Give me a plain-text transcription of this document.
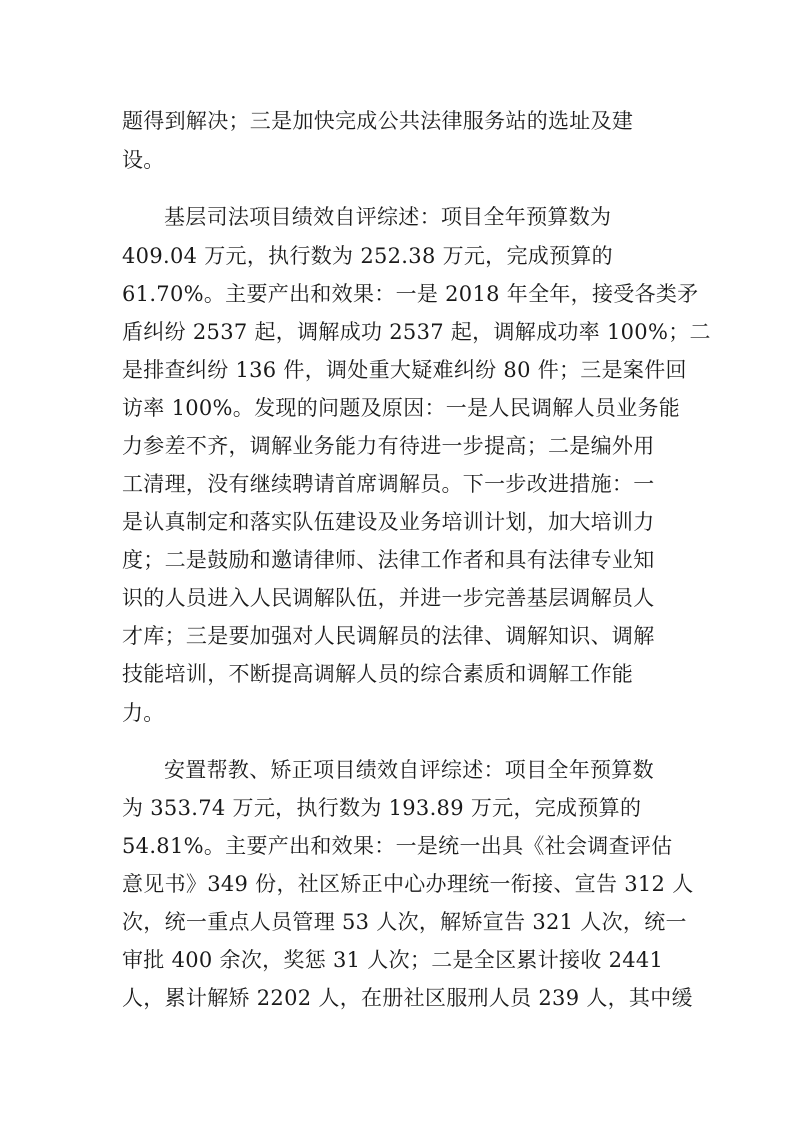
题得到解决；三是加快完成公共法律服务站的选址及建
设。
基层司法项目绩效自评综述：项目全年预算数为
409.04 万元，执行数为 252.38 万元，完成预算的
61.70%。主要产出和效果：一是 2018 年全年，接受各类矛
盾纠纷 2537 起，调解成功 2537 起，调解成功率 100%；二
是排查纠纷 136 件，调处重大疑难纠纷 80 件；三是案件回
访率 100%。发现的问题及原因：一是人民调解人员业务能
力参差不齐，调解业务能力有待进一步提高；二是编外用
工清理，没有继续聘请首席调解员。下一步改进措施：一
是认真制定和落实队伍建设及业务培训计划，加大培训力
度；二是鼓励和邀请律师、法律工作者和具有法律专业知
识的人员进入人民调解队伍，并进一步完善基层调解员人
才库；三是要加强对人民调解员的法律、调解知识、调解
技能培训，不断提高调解人员的综合素质和调解工作能
力。
安置帮教、矫正项目绩效自评综述：项目全年预算数
为 353.74 万元，执行数为 193.89 万元，完成预算的
54.81%。主要产出和效果：一是统一出具《社会调查评估
意见书》349 份，社区矫正中心办理统一衔接、宣告 312 人
次，统一重点人员管理 53 人次，解矫宣告 321 人次，统一
审批 400 余次，奖惩 31 人次；二是全区累计接收 2441
人，累计解矫 2202 人，在册社区服刑人员 239 人，其中缓
